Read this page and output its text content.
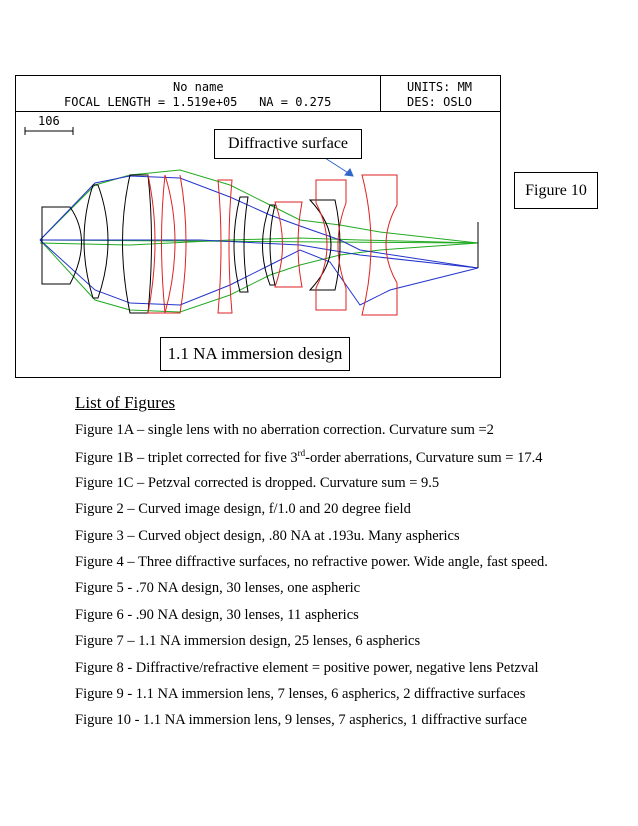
No name
FOCAL LENGTH = 1.519e+05   NA = 0.275
UNITS: MM
DES: OSLO
106
Diffractive surface
1.1 NA immersion design
Figure 10
List of Figures
Figure 1A – single lens with no aberration correction. Curvature sum =2
Figure 1B – triplet corrected for five 3rd-order aberrations, Curvature sum = 17.4
Figure 1C – Petzval corrected is dropped. Curvature sum = 9.5
Figure 2 – Curved image design, f/1.0 and 20 degree field
Figure 3 – Curved object design, .80 NA at .193u. Many aspherics
Figure 4 – Three diffractive surfaces, no refractive power. Wide angle, fast speed.
Figure 5 - .70 NA design, 30 lenses, one aspheric
Figure 6 - .90 NA design, 30 lenses, 11 aspherics
Figure 7 – 1.1 NA immersion design, 25 lenses, 6 aspherics
Figure 8 - Diffractive/refractive element = positive power, negative lens Petzval
Figure 9 - 1.1 NA immersion lens, 7 lenses, 6 aspherics, 2 diffractive surfaces
Figure 10 - 1.1 NA immersion lens, 9 lenses, 7 aspherics, 1 diffractive surface
